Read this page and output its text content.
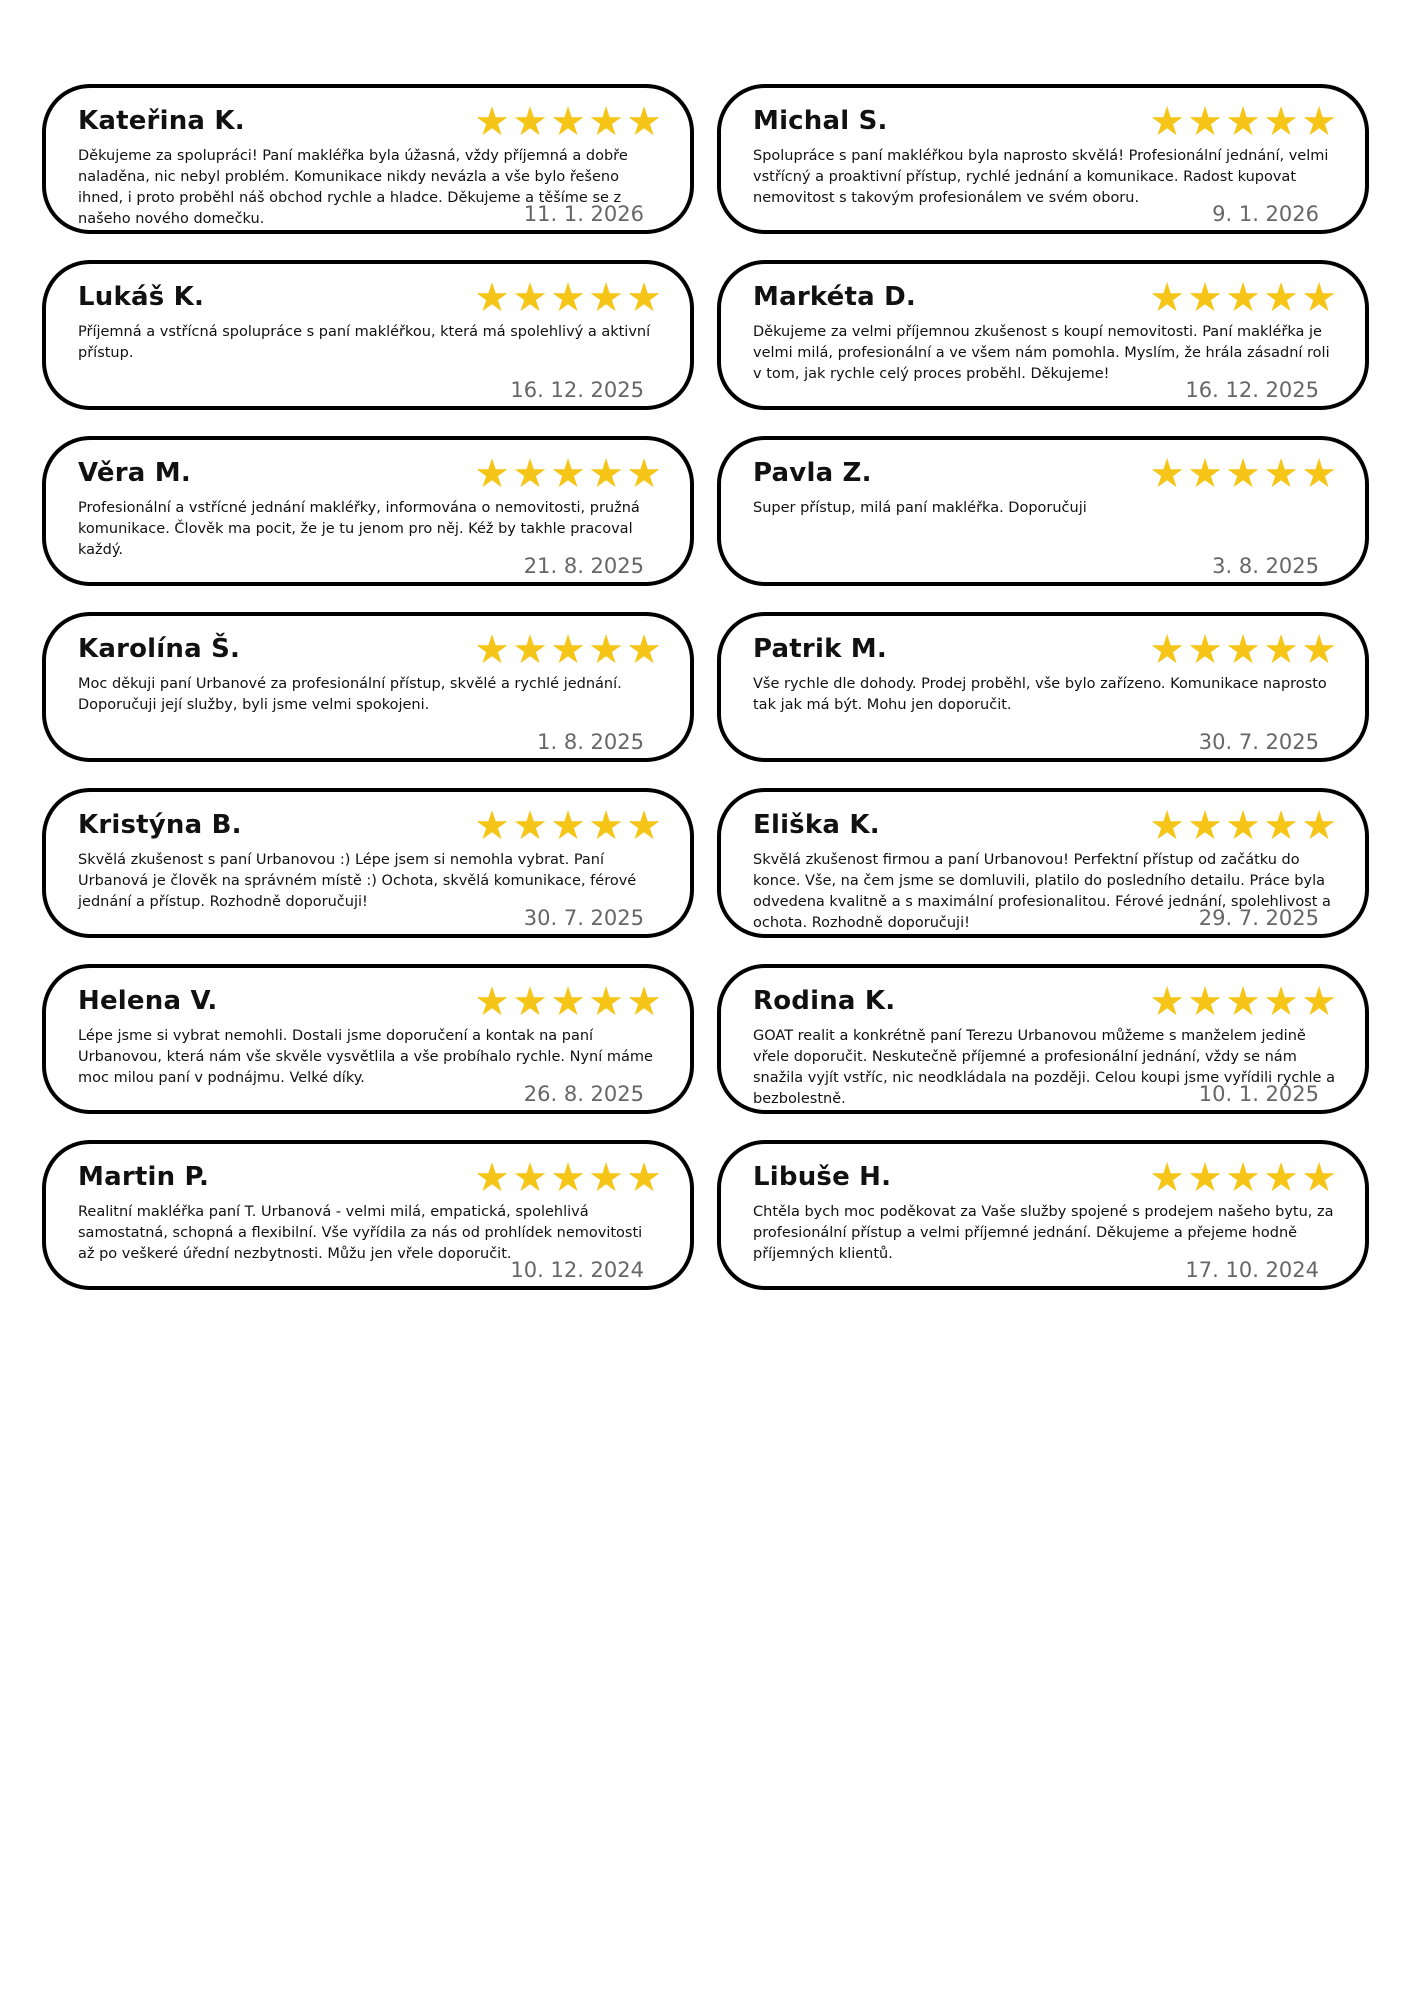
Kateřina K.	★ ★ ★ ★ ★
Děkujeme za spolupráci! Paní makléřka byla úžasná, vždy příjemná a dobře naladěna, nic nebyl problém. Komunikace nikdy nevázla a vše bylo řešeno ihned, i proto proběhl náš obchod rychle a hladce. Děkujeme a těšíme se z našeho nového domečku.	11. 1. 2026
Michal S.	★ ★ ★ ★ ★
Spolupráce s paní makléřkou byla naprosto skvělá! Profesionální jednání, velmi vstřícný a proaktivní přístup, rychlé jednání a komunikace. Radost kupovat nemovitost s takovým profesionálem ve svém oboru.
9. 1. 2026
Lukáš K.	★ ★ ★ ★ ★
Příjemná a vstřícná spolupráce s paní makléřkou, která má spolehlivý a aktivní přístup.
16. 12. 2025
Markéta D.	★ ★ ★ ★ ★
Děkujeme za velmi příjemnou zkušenost s koupí nemovitosti. Paní makléřka je velmi milá, profesionální a ve všem nám pomohla. Myslím, že hrála zásadní roli v tom, jak rychle celý proces proběhl. Děkujeme!
16. 12. 2025
Věra M.	★ ★ ★ ★ ★
Profesionální a vstřícné jednání makléřky, informována o nemovitosti, pružná komunikace. Člověk ma pocit, že je tu jenom pro něj. Kéž by takhle pracoval každý.
21. 8. 2025
Pavla Z.	★ ★ ★ ★ ★
Super přístup, milá paní makléřka. Doporučuji
3. 8. 2025
Karolína Š.	★ ★ ★ ★ ★
Moc děkuji paní Urbanové za profesionální přístup, skvělé a rychlé jednání. Doporučuji její služby, byli jsme velmi spokojeni.
1. 8. 2025
Patrik M.	★ ★ ★ ★ ★
Vše rychle dle dohody. Prodej proběhl, vše bylo zařízeno. Komunikace naprosto tak jak má být. Mohu jen doporučit.
30. 7. 2025
Kristýna B.	★ ★ ★ ★ ★
Skvělá zkušenost s paní Urbanovou :) Lépe jsem si nemohla vybrat. Paní Urbanová je člověk na správném místě :) Ochota, skvělá komunikace, férové jednání a přístup. Rozhodně doporučuji!
30. 7. 2025
Eliška K.	★ ★ ★ ★ ★
Skvělá zkušenost firmou a paní Urbanovou! Perfektní přístup od začátku do konce. Vše, na čem jsme se domluvili, platilo do posledního detailu. Práce byla odvedena kvalitně a s maximální profesionalitou. Férové jednání, spolehlivost a ochota. Rozhodně doporučuji!	29. 7. 2025
Helena V.	★ ★ ★ ★ ★
Lépe jsme si vybrat nemohli. Dostali jsme doporučení a kontak na paní Urbanovou, která nám vše skvěle vysvětlila a vše probíhalo rychle. Nyní máme moc milou paní v podnájmu. Velké díky.
26. 8. 2025
Rodina K.	★ ★ ★ ★ ★
GOAT realit a konkrétně paní Terezu Urbanovou můžeme s manželem jedině vřele doporučit. Neskutečně příjemné a profesionální jednání, vždy se nám snažila vyjít vstříc, nic neodkládala na později. Celou koupi jsme vyřídili rychle a bezbolestně.	10. 1. 2025
Martin P.	★ ★ ★ ★ ★
Realitní makléřka paní T. Urbanová - velmi milá, empatická, spolehlivá samostatná, schopná a flexibilní. Vše vyřídila za nás od prohlídek nemovitosti až po veškeré úřední nezbytnosti. Můžu jen vřele doporučit.
10. 12. 2024
Libuše H.	★ ★ ★ ★ ★
Chtěla bych moc poděkovat za Vaše služby spojené s prodejem našeho bytu, za profesionální přístup a velmi příjemné jednání. Děkujeme a přejeme hodně příjemných klientů.
17. 10. 2024
